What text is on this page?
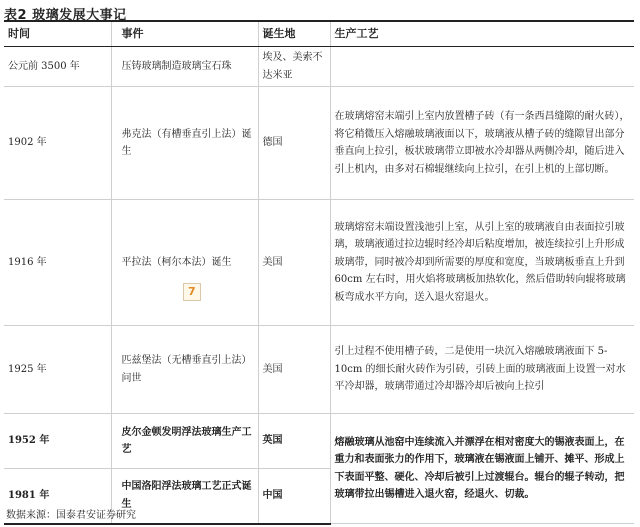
表2 玻璃发展大事记
时间	事件	诞生地	生产工艺
公元前 3500 年	压铸玻璃制造玻璃宝石珠	埃及、美索不达米亚	
1902 年	弗克法（有槽垂直引上法）诞生	德国	在玻璃熔窑末端引上室内放置槽子砖（有一条西昌缝隙的耐火砖），将它稍微压入熔融玻璃液面以下，玻璃液从槽子砖的缝隙冒出部分垂直向上拉引，板状玻璃带立即被水冷却器从两侧冷却，随后进入引上机内，由多对石棉辊继续向上拉引，在引上机的上部切断。
1916 年	平拉法（柯尔本法）诞生	美国	玻璃熔窑末端设置浅池引上室，从引上室的玻璃液自由表面拉引玻璃，玻璃液通过拉边辊时经冷却后粘度增加，被连续拉引上升形成玻璃带，同时被冷却到所需要的厚度和宽度，当玻璃板垂直上升到 60cm 左右时，用火焰将玻璃板加热软化，然后借助转向辊将玻璃板弯成水平方向，送入退火窑退火。
1925 年	匹兹堡法（无槽垂直引上法）问世	美国	引上过程不使用槽子砖，二是使用一块沉入熔融玻璃液面下 5-10cm 的细长耐火砖作为引砖，引砖上面的玻璃液面上设置一对水平冷却器，玻璃带通过冷却器冷却后被向上拉引
1952 年	皮尔金顿发明浮法玻璃生产工艺	英国	熔融玻璃从池窑中连续流入并漂浮在相对密度大的锡液表面上，在重力和表面张力的作用下，玻璃液在锡液面上铺开、摊平、形成上下表面平整、硬化、冷却后被引上过渡辊台。辊台的辊子转动，把玻璃带拉出锡槽进入退火窑，经退火、切裁。
1981 年	中国洛阳浮法玻璃工艺正式诞生	中国	
7
数据来源：国泰君安证券研究
